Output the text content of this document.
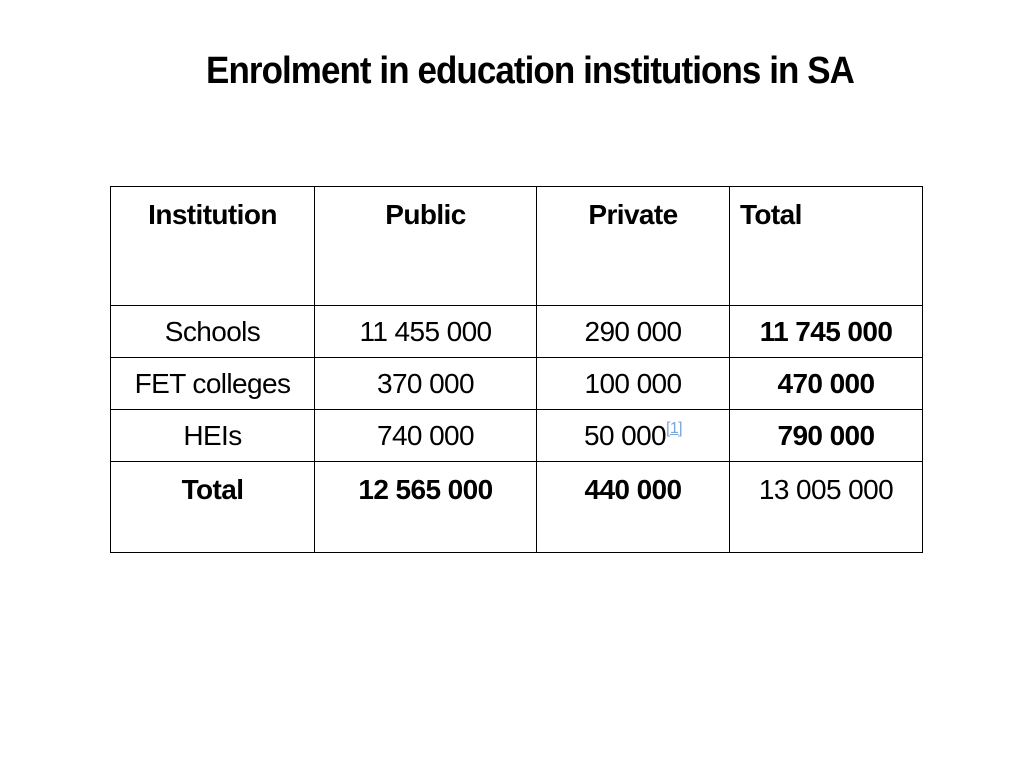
Enrolment in education institutions in SA
Institution	Public	Private	Total
Schools	11 455 000	290 000	11 745 000
FET colleges	370 000	100 000	470 000
HEIs	740 000	50 000[1]	790 000
Total	12 565 000	440 000	13 005 000
